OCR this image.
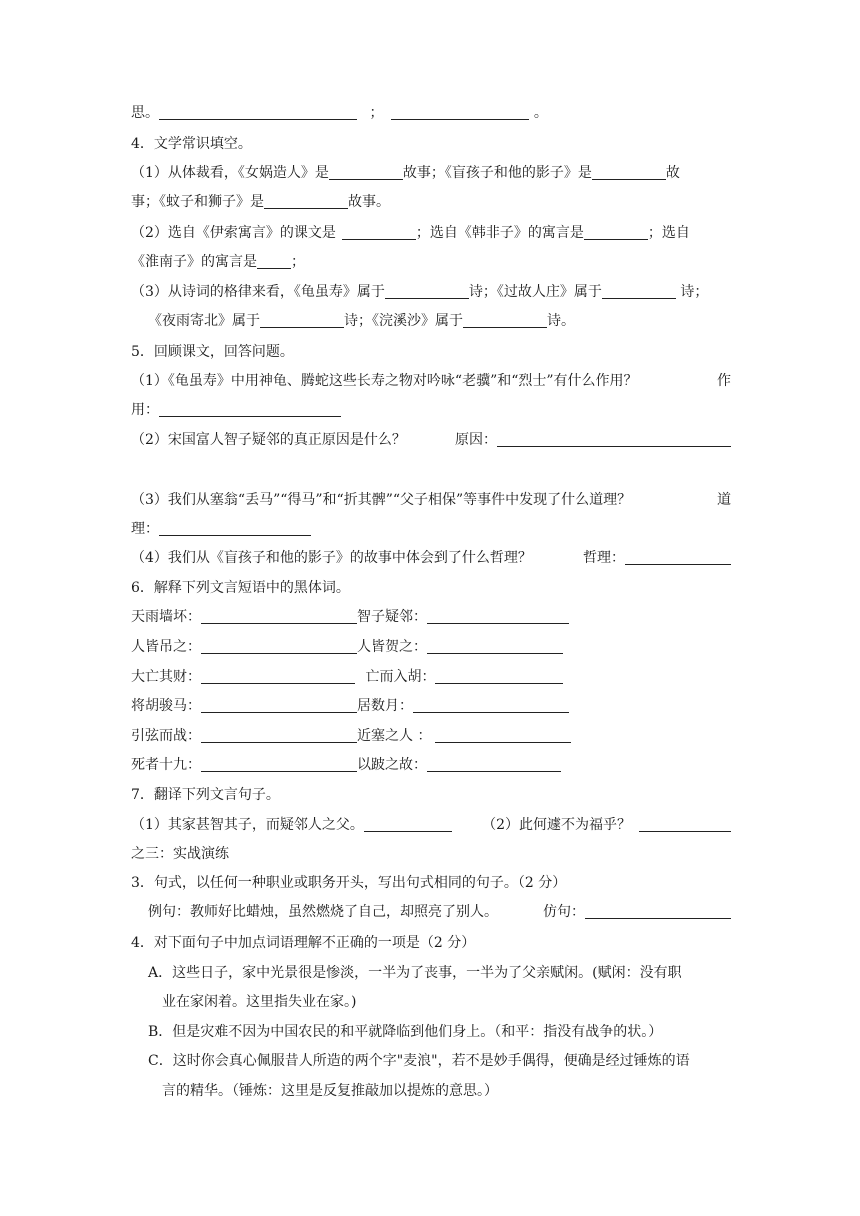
思。	；	。
4．文学常识填空。
（1）从体裁看，《女娲造人》是	故事；《盲孩子和他的影子》是	故
事；《蚊子和狮子》是	故事。
（2）选自《伊索寓言》的课文是	；选自《韩非子》的寓言是	；选自
《淮南子》的寓言是 ；
（3）从诗词的格律来看，《龟虽寿》属于	诗；《过故人庄》属于	诗；
《夜雨寄北》属于	诗；《浣溪沙》属于	诗。
5．回顾课文，回答问题。
（1）《龟虽寿》中用神龟、腾蛇这些长寿之物对吟咏“老骥”和“烈士”有什么作用？	作
用：
（2）宋国富人智子疑邻的真正原因是什么？	原因：
（3）我们从塞翁“丢马”“得马”和“折其髀”“父子相保”等事件中发现了什么道理？	道
理：
（4）我们从《盲孩子和他的影子》的故事中体会到了什么哲理？	哲理：
6．解释下列文言短语中的黑体词。
天雨墙坏：	智子疑邻：
人皆吊之：	人皆贺之：
大亡其财：	亡而入胡：
将胡骏马：	居数月：
引弦而战：	近塞之人 ：
死者十九：	以跛之故：
7．翻译下列文言句子。
（1）其家甚智其子，而疑邻人之父。	（2）此何遽不为福乎？
之三：实战演练
3．句式，以任何一种职业或职务开头，写出句式相同的句子。（2 分）
例句：教师好比蜡烛，虽然燃烧了自己，却照亮了别人。	仿句：
4．对下面句子中加点词语理解不正确的一项是（2 分）
A．这些日子，家中光景很是惨淡，一半为了丧事，一半为了父亲赋闲。(赋闲：没有职
业在家闲着。这里指失业在家。)
B．但是灾难不因为中国农民的和平就降临到他们身上。（和平：指没有战争的状。）
C．这时你会真心佩服昔人所造的两个字"麦浪"，若不是妙手偶得，便确是经过锤炼的语
言的精华。（锤炼：这里是反复推敲加以提炼的意思。）
